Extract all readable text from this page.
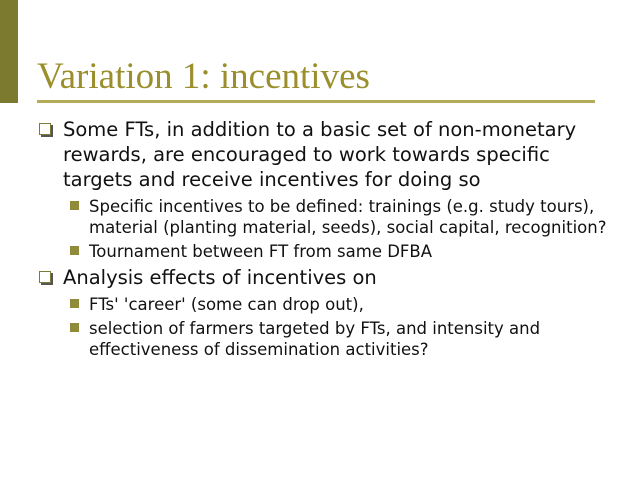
Variation 1: incentives
Some FTs, in addition to a basic set of non-monetary rewards, are encouraged to work towards specific targets and receive incentives for doing so
Specific incentives to be defined: trainings (e.g. study tours), material (planting material, seeds), social capital, recognition?
Tournament between FT from same DFBA
Analysis effects of incentives on
FTs' 'career' (some can drop out),
selection of farmers targeted by FTs, and intensity and effectiveness of dissemination activities?
